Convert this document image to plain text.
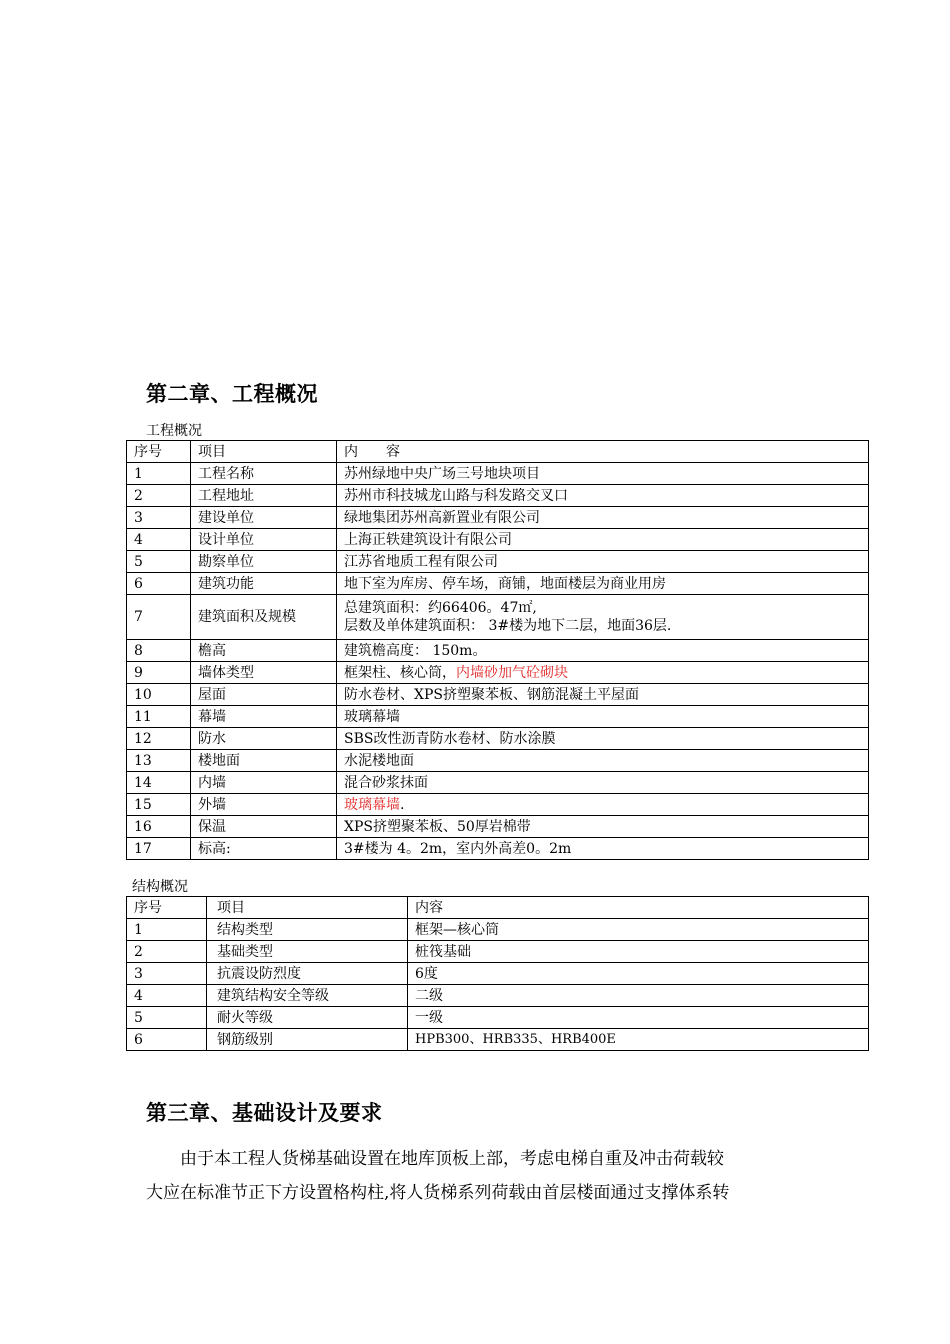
第二章、工程概况
工程概况
序号	项目	内　　容
1	工程名称	苏州绿地中央广场三号地块项目
2	工程地址	苏州市科技城龙山路与科发路交叉口
3	建设单位	绿地集团苏州高新置业有限公司
4	设计单位	上海正轶建筑设计有限公司
5	勘察单位	江苏省地质工程有限公司
6	建筑功能	地下室为库房、停车场，商铺，地面楼层为商业用房
7	建筑面积及规模	总建筑面积：约66406。47㎡,
层数及单体建筑面积： 3#楼为地下二层，地面36层.

8	檐高	建筑檐高度： 150m。
9	墙体类型	框架柱、核心筒，内墙砂加气砼砌块
10	屋面	防水卷材、XPS挤塑聚苯板、钢筋混凝土平屋面
11	幕墙	玻璃幕墙
12	防水	SBS改性沥青防水卷材、防水涂膜
13	楼地面	水泥楼地面
14	内墙	混合砂浆抹面
15	外墙	玻璃幕墙.
16	保温	XPS挤塑聚苯板、50厚岩棉带
17	标高:	3#楼为 4。2m，室内外高差0。2m
结构概况
序号	项目	内容
1	结构类型	框架—核心筒
2	基础类型	桩筏基础
3	抗震设防烈度	6度
4	建筑结构安全等级	二级
5	耐火等级	一级
6	钢筋级别	HPB300、HRB335、HRB400E
第三章、基础设计及要求
由于本工程人货梯基础设置在地库顶板上部，考虑电梯自重及冲击荷载较
大应在标准节正下方设置格构柱,将人货梯系列荷载由首层楼面通过支撑体系转
